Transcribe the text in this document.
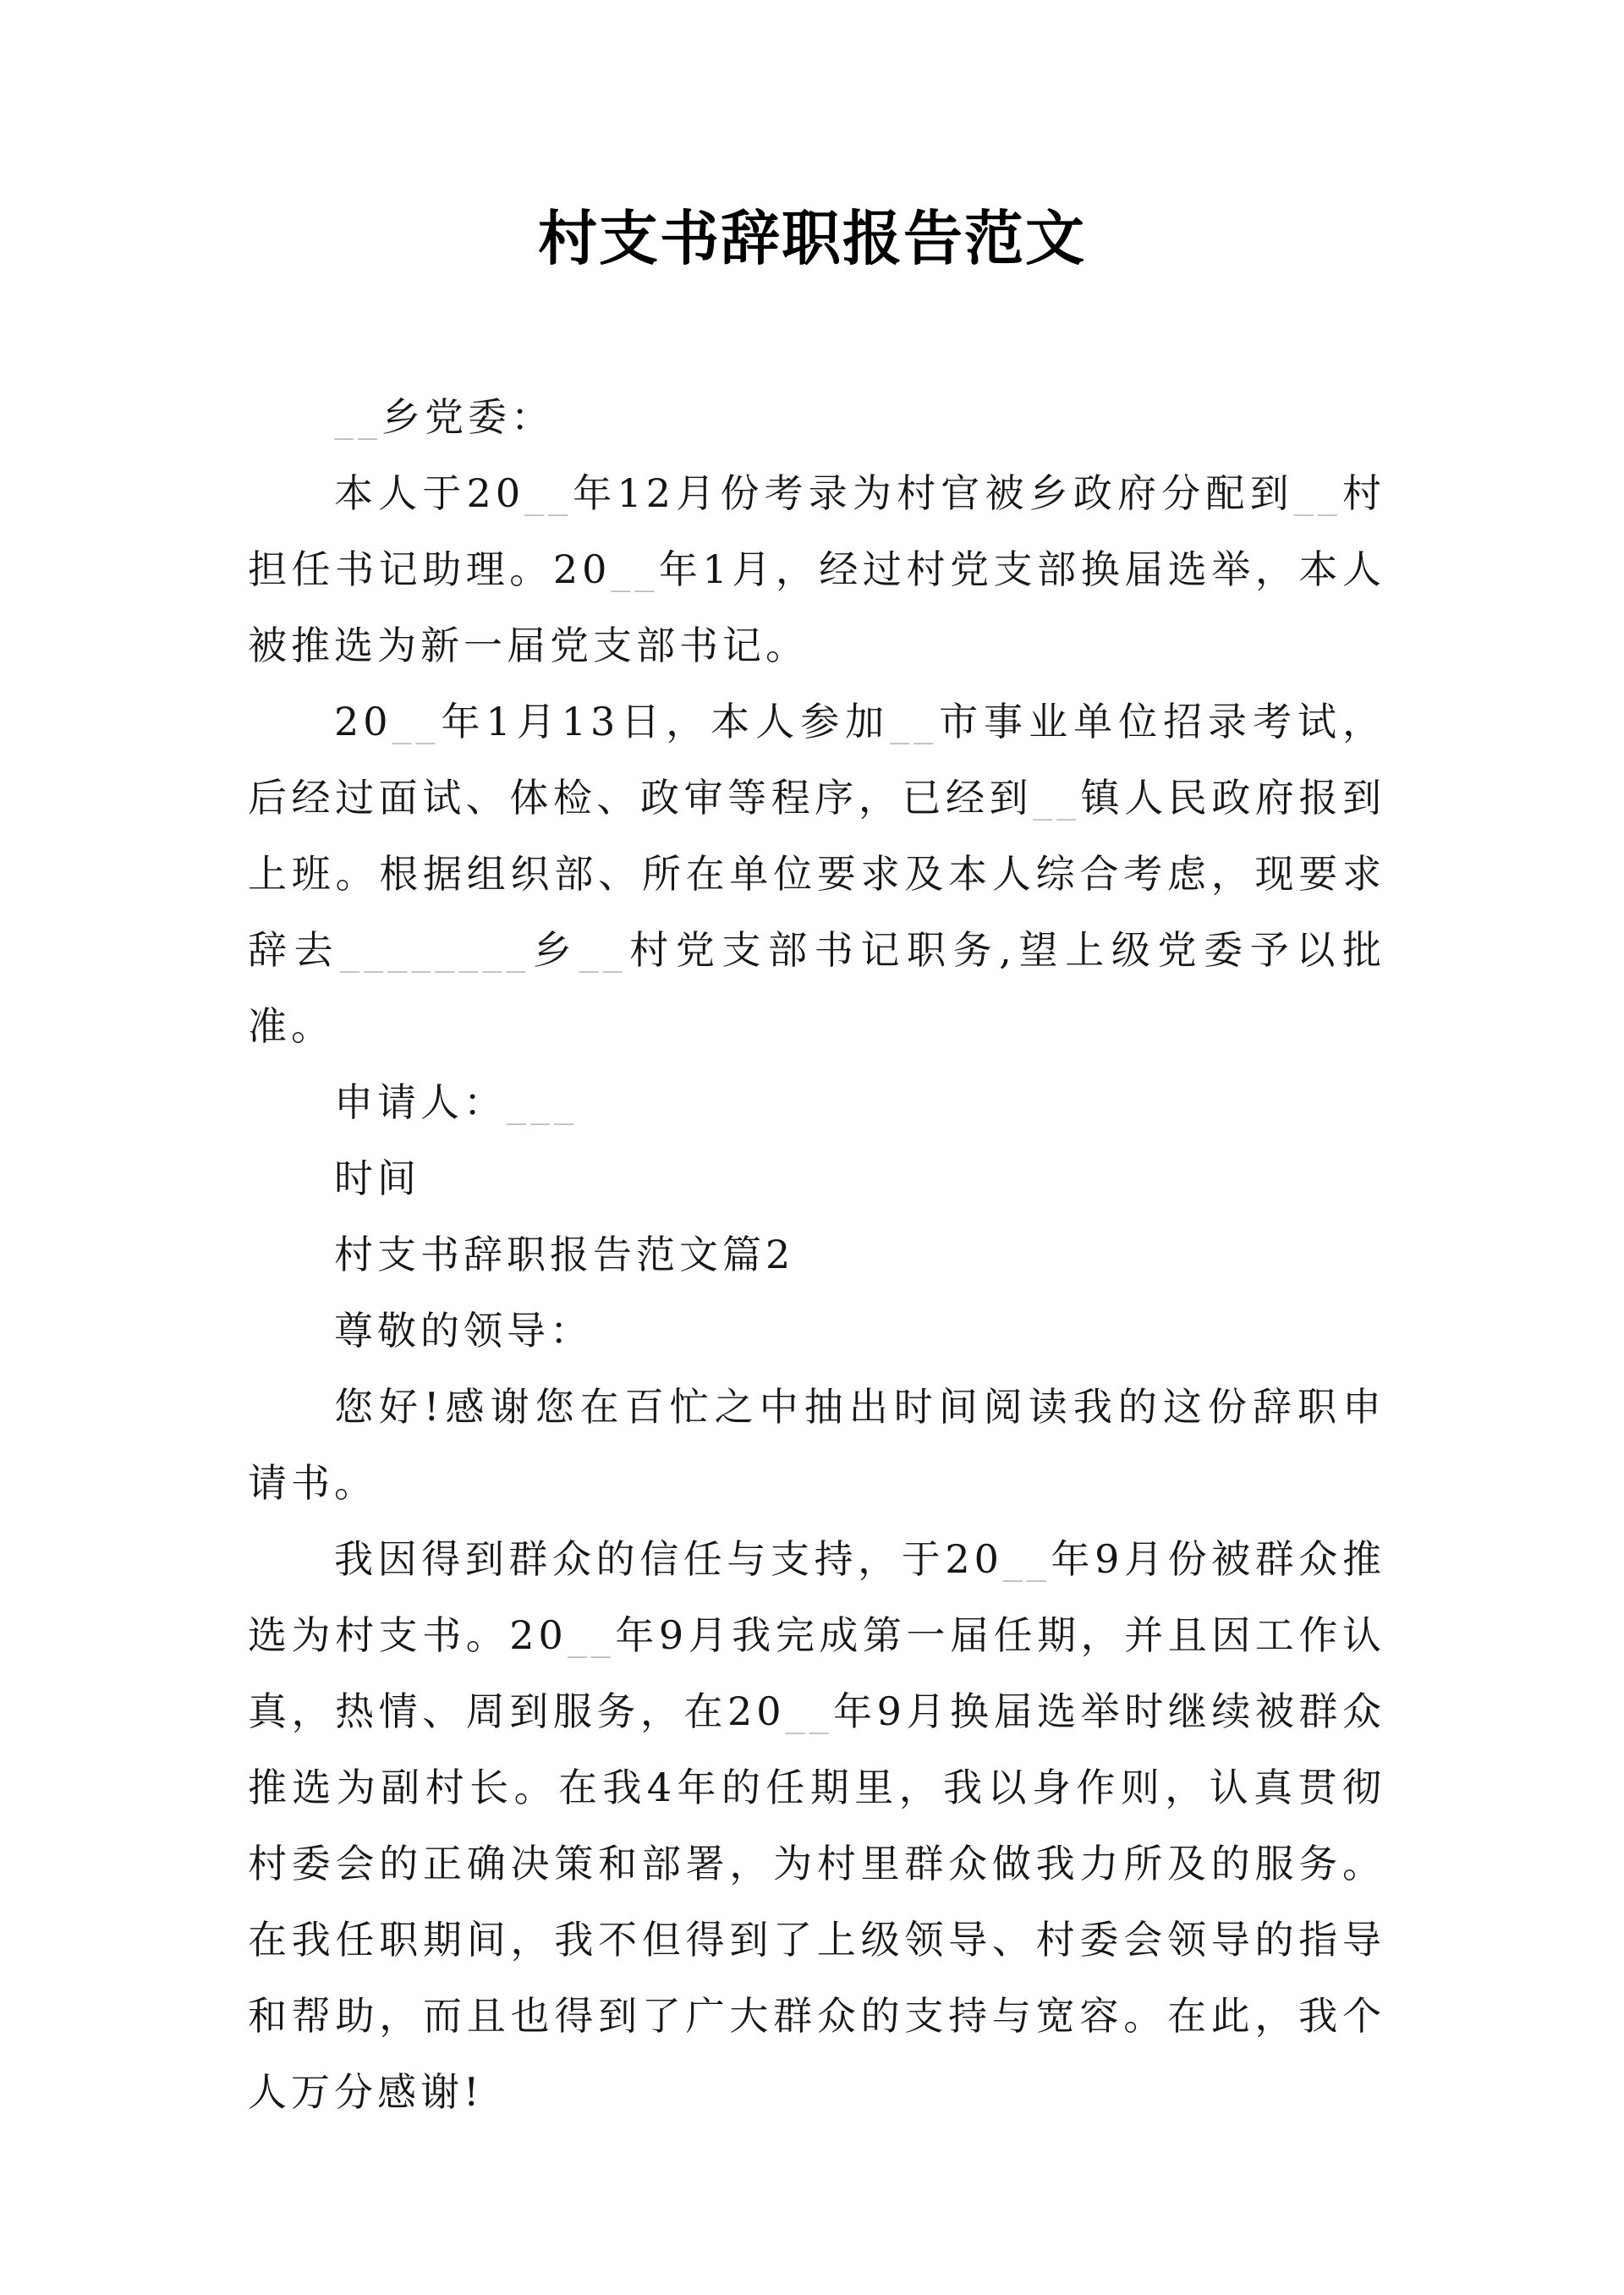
村支书辞职报告范文

__乡党委：

本人于20__年12月份考录为村官被乡政府分配到__村担任书记助理。20__年1月，经过村党支部换届选举，本人被推选为新一届党支部书记。

20__年1月13日，本人参加__市事业单位招录考试，后经过面试、体检、政审等程序，已经到__镇人民政府报到上班。根据组织部、所在单位要求及本人综合考虑，现要求辞去________乡__村党支部书记职务,望上级党委予以批准。

申请人：___

时间

村支书辞职报告范文篇2

尊敬的领导：

您好!感谢您在百忙之中抽出时间阅读我的这份辞职申请书。

我因得到群众的信任与支持，于20__年9月份被群众推选为村支书。20__年9月我完成第一届任期，并且因工作认真，热情、周到服务，在20__年9月换届选举时继续被群众推选为副村长。在我4年的任期里，我以身作则，认真贯彻村委会的正确决策和部署，为村里群众做我力所及的服务。在我任职期间，我不但得到了上级领导、村委会领导的指导和帮助，而且也得到了广大群众的支持与宽容。在此，我个人万分感谢!
